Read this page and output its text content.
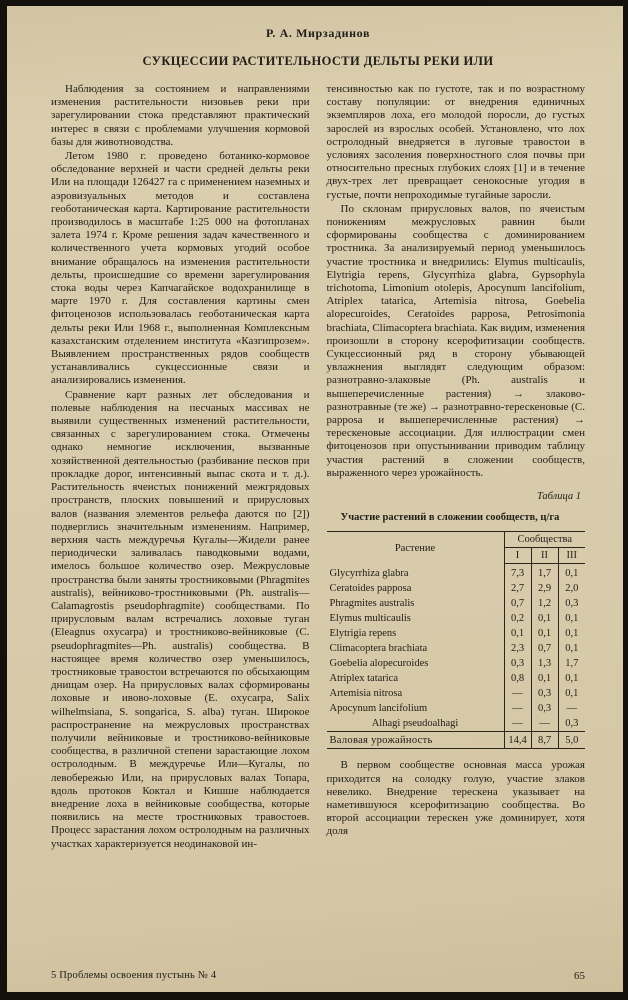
Р. А. Мирзадинов
СУКЦЕССИИ РАСТИТЕЛЬНОСТИ ДЕЛЬТЫ РЕКИ ИЛИ

Наблюдения за состоянием и направлениями изменения растительности низовьев реки при зарегулировании стока представляют практический интерес в связи с проблемами улучшения кормовой базы для животноводства.

Летом 1980 г. проведено ботанико-кормовое обследование верхней и части средней дельты реки Или на площади 126427 га с применением наземных и аэровизуальных методов и составлена геоботаническая карта. Картирование растительности производилось в масштабе 1:25 000 на фотопланах залета 1974 г. Кроме решения задач качественного и количественного учета кормовых угодий особое внимание обращалось на изменения растительности дельты, происшедшие со времени зарегулирования стока воды через Капчагайское водохранилище в марте 1970 г. Для составления картины смен фитоценозов использовалась геоботаническая карта дельты реки Или 1968 г., выполненная Комплексным казахстанским отделением института «Казгипрозем». Выявлением пространственных рядов сообществ устанавливались сукцессионные связи и анализировались изменения.

Сравнение карт разных лет обследования и полевые наблюдения на песчаных массивах не выявили существенных изменений растительности, связанных с зарегулированием стока. Отмечены однако немногие исключения, вызванные хозяйственной деятельностью (разбивание песков при прокладке дорог, интенсивный выпас скота и т. д.). Растительность ячеистых понижений межгрядовых пространств, плоских повышений и прирусловых валов (названия элементов рельефа даются по [2]) подверглись значительным изменениям. Например, верхняя часть междуречья Кугалы—Жидели ранее периодически заливалась паводковыми водами, имелось большое количество озер. Межрусловые пространства были заняты тростниковыми (Phragmites australis), вейниково-тростниковыми (Ph. australis—Calamagrostis pseudophragmite) сообществами. По прирусловым валам встречались лоховые туган (Eleagnus oxycarpa) и тростниково-вейниковые (C. pseudophragmites—Ph. australis) сообщества. В настоящее время количество озер уменьшилось, тростниковые травостои встречаются по обсыхающим днищам озер. На прирусловых валах сформированы лоховые и ивово-лоховые (E. oxycarpa, Salix wilhelmsiana, S. songarica, S. alba) туган. Широкое распространение на межрусловых пространствах получили вейниковые и тростниково-вейниковые сообщества, в различной степени зарастающие лохом остролодным. В междуречье Или—Кугалы, по левобережью Или, на прирусловых валах Топара, вдоль протоков Коктал и Кишше наблюдается внедрение лоха в вейниковые сообщества, которые появились на месте тростниковых травостоев. Процесс зарастания лохом остролодным на различных участках характеризуется неодинаковой ин-

тенсивностью как по густоте, так и по возрастному составу популяции: от внедрения единичных экземпляров лоха, его молодой поросли, до густых зарослей из взрослых особей. Установлено, что лох остролодный внедряется в луговые травостои в условиях засоления поверхностного слоя почвы при относительно пресных глубоких слоях [1] и в течение двух-трех лет превращает сенокосные угодия в густые, почти непроходимые тугайные заросли.

По склонам прирусловых валов, по ячеистым понижениям межрусловых равнин были сформированы сообщества с доминированием тростника. За анализируемый период уменьшилось участие тростника и внедрились: Elymus multicaulis, Elytrigia repens, Glycyrrhiza glabra, Gypsophyla trichotoma, Limonium otolepis, Apocynum lancifolium, Atriplex tatarica, Artemisia nitrosa, Goebelia alopecuroides, Ceratoides papposa, Petrosimonia brachiata, Climacoptera brachiata. Как видим, изменения произошли в сторону ксерофитизации сообществ. Сукцессионный ряд в сторону убывающей увлажнения выглядят следующим образом: разнотравно-злаковые (Ph. australis и вышеперечисленные растения) → злаково-разнотравные (те же) → разнотравно-терескеновые (C. papposa и вышеперечисленные растения) → терескеновые ассоциации. Для иллюстрации смен фитоценозов при опустынивании приводим таблицу участия растений в сложении сообществ, выраженного через урожайность.

Таблица 1
Участие растений в сложении сообществ, ц/га
Растение	Сообщества		
	I	II	III
Glycyrrhiza glabra	7,3	1,7	0,1
Ceratoides papposa	2,7	2,9	2,0
Phragmites australis	0,7	1,2	0,3
Elymus multicaulis	0,2	0,1	0,1
Elytrigia repens	0,1	0,1	0,1
Climacoptera brachiata	2,3	0,7	0,1
Goebelia alopecuroides	0,3	1,3	1,7
Atriplex tatarica	0,8	0,1	0,1
Artemisia nitrosa	—	0,3	0,1
Apocynum lancifolium	—	0,3	—
Alhagi pseudoalhagi	—	—	0,3
Валовая урожайность	14,4	8,7	5,0

В первом сообществе основная масса урожая приходится на солодку голую, участие злаков невелико. Внедрение терескена указывает на наметившуюся ксерофитизацию сообщества. Во второй ассоциации терескен уже доминирует, хотя доля

5 Проблемы освоения пустынь № 4	65
